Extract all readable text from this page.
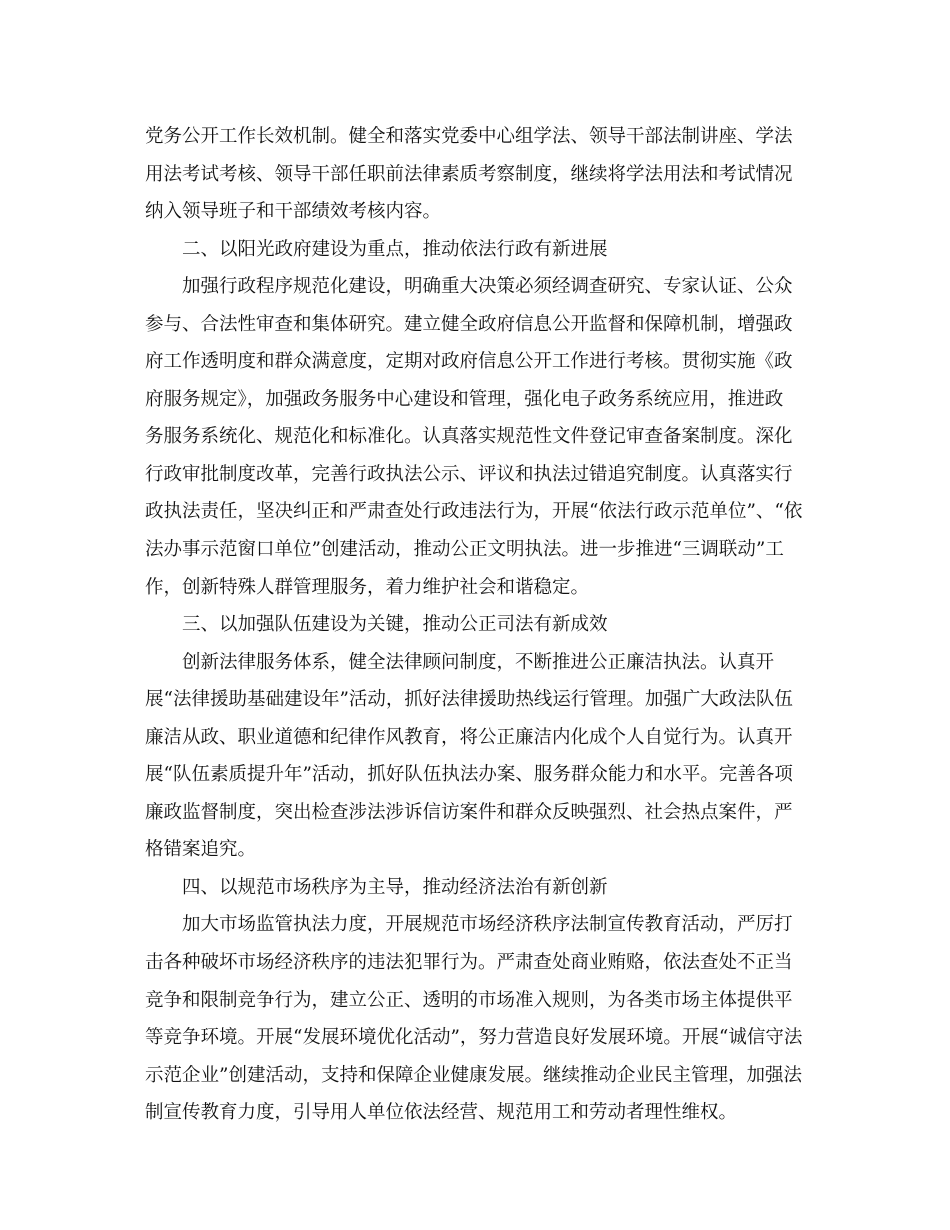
党务公开工作长效机制。健全和落实党委中心组学法、领导干部法制讲座、学法
用法考试考核、领导干部任职前法律素质考察制度，继续将学法用法和考试情况
纳入领导班子和干部绩效考核内容。
二、以阳光政府建设为重点，推动依法行政有新进展
加强行政程序规范化建设，明确重大决策必须经调查研究、专家认证、公众
参与、合法性审查和集体研究。建立健全政府信息公开监督和保障机制，增强政
府工作透明度和群众满意度，定期对政府信息公开工作进行考核。贯彻实施《政
府服务规定》，加强政务服务中心建设和管理，强化电子政务系统应用，推进政
务服务系统化、规范化和标准化。认真落实规范性文件登记审查备案制度。深化
行政审批制度改革，完善行政执法公示、评议和执法过错追究制度。认真落实行
政执法责任，坚决纠正和严肃查处行政违法行为，开展“依法行政示范单位”、“依
法办事示范窗口单位”创建活动，推动公正文明执法。进一步推进“三调联动”工
作，创新特殊人群管理服务，着力维护社会和谐稳定。
三、以加强队伍建设为关键，推动公正司法有新成效
创新法律服务体系，健全法律顾问制度，不断推进公正廉洁执法。认真开
展“法律援助基础建设年”活动，抓好法律援助热线运行管理。加强广大政法队伍
廉洁从政、职业道德和纪律作风教育，将公正廉洁内化成个人自觉行为。认真开
展“队伍素质提升年”活动，抓好队伍执法办案、服务群众能力和水平。完善各项
廉政监督制度，突出检查涉法涉诉信访案件和群众反映强烈、社会热点案件，严
格错案追究。
四、以规范市场秩序为主导，推动经济法治有新创新
加大市场监管执法力度，开展规范市场经济秩序法制宣传教育活动，严厉打
击各种破坏市场经济秩序的违法犯罪行为。严肃查处商业贿赂，依法查处不正当
竞争和限制竞争行为，建立公正、透明的市场准入规则，为各类市场主体提供平
等竞争环境。开展“发展环境优化活动”，努力营造良好发展环境。开展“诚信守法
示范企业”创建活动，支持和保障企业健康发展。继续推动企业民主管理，加强法
制宣传教育力度，引导用人单位依法经营、规范用工和劳动者理性维权。
